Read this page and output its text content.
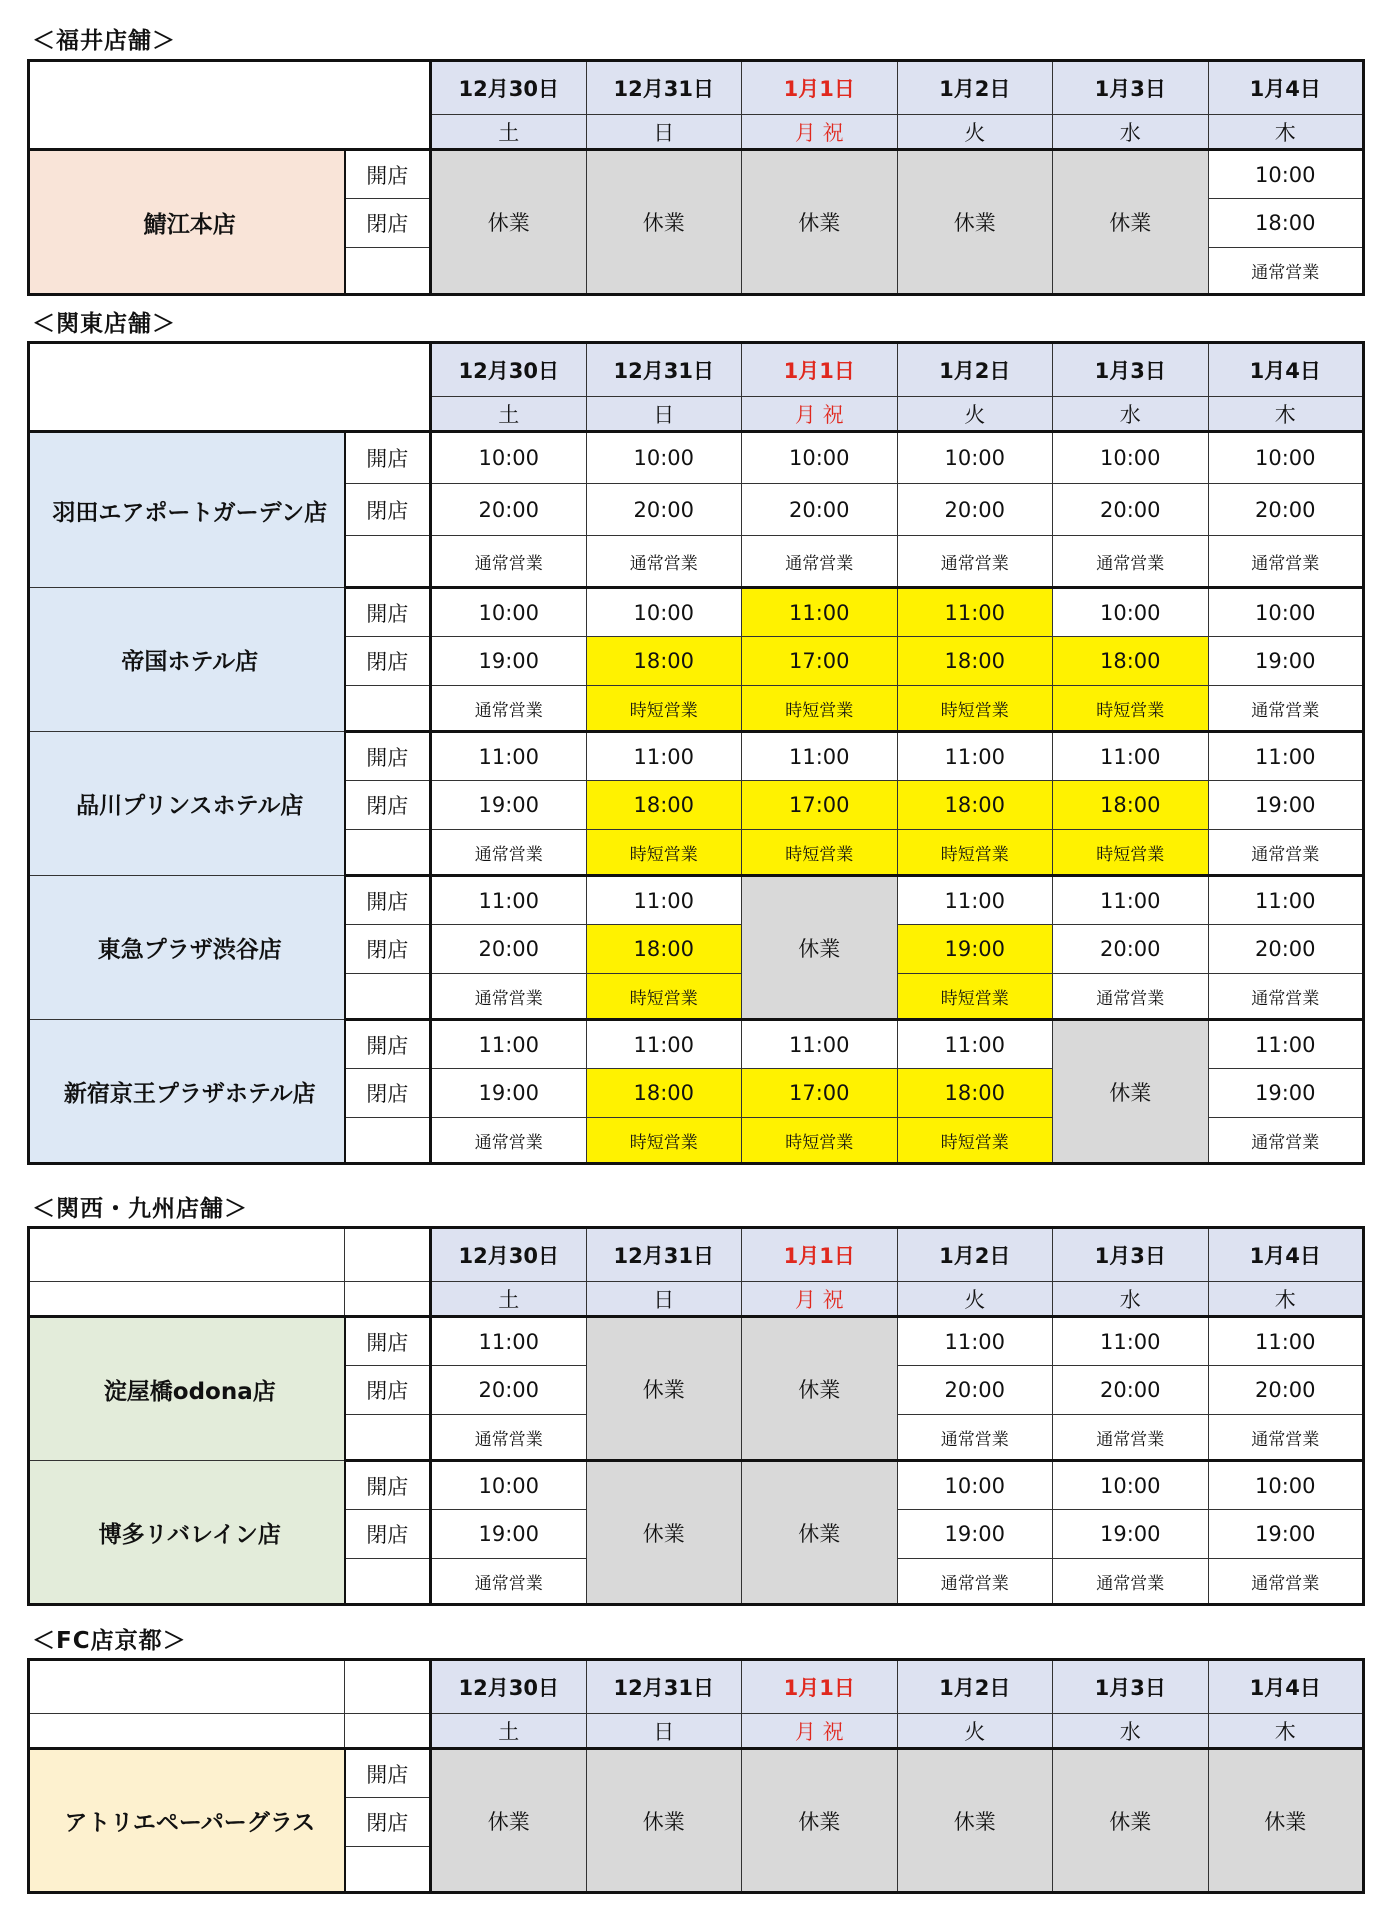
＜福井店舗＞
		12月30日	12月31日	1月1日	1月2日	1月3日	1月4日
		土	日	月 祝	火	水	木
鯖江本店	開店	休業	休業	休業	休業	休業	10:00
	閉店						18:00
							通常営業
＜関東店舗＞
		12月30日	12月31日	1月1日	1月2日	1月3日	1月4日
		土	日	月 祝	火	水	木
羽田エアポートガーデン店	開店	10:00	10:00	10:00	10:00	10:00	10:00
	閉店	20:00	20:00	20:00	20:00	20:00	20:00
		通常営業	通常営業	通常営業	通常営業	通常営業	通常営業
帝国ホテル店	開店	10:00	10:00	11:00	11:00	10:00	10:00
	閉店	19:00	18:00	17:00	18:00	18:00	19:00
		通常営業	時短営業	時短営業	時短営業	時短営業	通常営業
品川プリンスホテル店	開店	11:00	11:00	11:00	11:00	11:00	11:00
	閉店	19:00	18:00	17:00	18:00	18:00	19:00
		通常営業	時短営業	時短営業	時短営業	時短営業	通常営業
東急プラザ渋谷店	開店	11:00	11:00	休業	11:00	11:00	11:00
	閉店	20:00	18:00		19:00	20:00	20:00
		通常営業	時短営業		時短営業	通常営業	通常営業
新宿京王プラザホテル店	開店	11:00	11:00	11:00	11:00	休業	11:00
	閉店	19:00	18:00	17:00	18:00		19:00
		通常営業	時短営業	時短営業	時短営業		通常営業
＜関西・九州店舗＞
		12月30日	12月31日	1月1日	1月2日	1月3日	1月4日
		土	日	月 祝	火	水	木
淀屋橋odona店	開店	11:00	休業	休業	11:00	11:00	11:00
	閉店	20:00			20:00	20:00	20:00
		通常営業			通常営業	通常営業	通常営業
博多リバレイン店	開店	10:00	休業	休業	10:00	10:00	10:00
	閉店	19:00			19:00	19:00	19:00
		通常営業			通常営業	通常営業	通常営業
＜FC店京都＞
		12月30日	12月31日	1月1日	1月2日	1月3日	1月4日
		土	日	月 祝	火	水	木
アトリエペーパーグラス	開店	休業	休業	休業	休業	休業	休業
	閉店						
